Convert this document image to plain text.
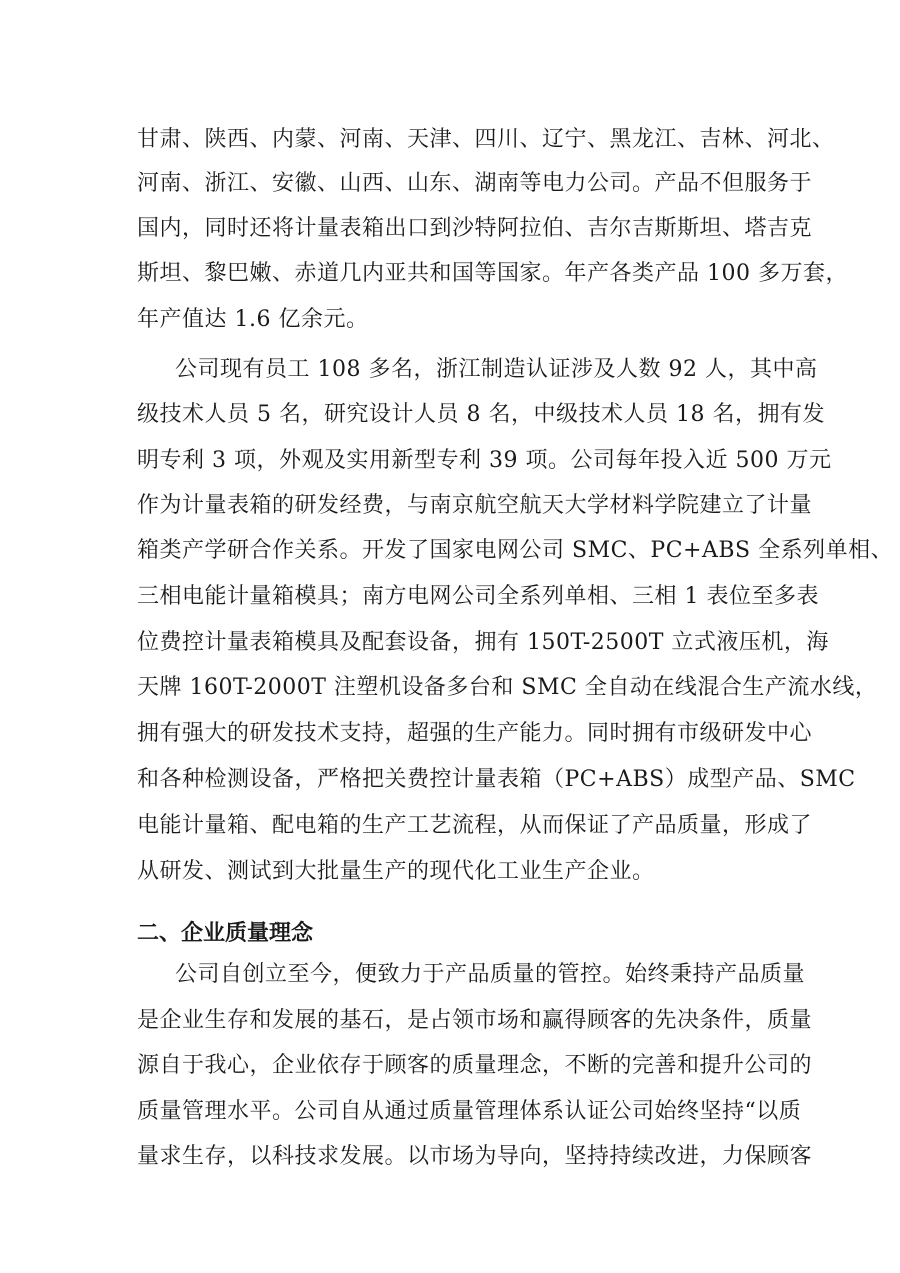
甘肃、陕西、内蒙、河南、天津、四川、辽宁、黑龙江、吉林、河北、
河南、浙江、安徽、山西、山东、湖南等电力公司。产品不但服务于
国内，同时还将计量表箱出口到沙特阿拉伯、吉尔吉斯斯坦、塔吉克
斯坦、黎巴嫩、赤道几内亚共和国等国家。年产各类产品 100 多万套，
年产值达 1.6 亿余元。
公司现有员工 108 多名，浙江制造认证涉及人数 92 人，其中高
级技术人员 5 名，研究设计人员 8 名，中级技术人员 18 名，拥有发
明专利 3 项，外观及实用新型专利 39 项。公司每年投入近 500 万元
作为计量表箱的研发经费，与南京航空航天大学材料学院建立了计量
箱类产学研合作关系。开发了国家电网公司 SMC、PC+ABS 全系列单相、
三相电能计量箱模具；南方电网公司全系列单相、三相 1 表位至多表
位费控计量表箱模具及配套设备，拥有 150T-2500T 立式液压机，海
天牌 160T-2000T 注塑机设备多台和 SMC 全自动在线混合生产流水线，
拥有强大的研发技术支持，超强的生产能力。同时拥有市级研发中心
和各种检测设备，严格把关费控计量表箱（PC+ABS）成型产品、SMC
电能计量箱、配电箱的生产工艺流程，从而保证了产品质量，形成了
从研发、测试到大批量生产的现代化工业生产企业。
二、企业质量理念
公司自创立至今，便致力于产品质量的管控。始终秉持产品质量
是企业生存和发展的基石，是占领市场和赢得顾客的先决条件，质量
源自于我心，企业依存于顾客的质量理念，不断的完善和提升公司的
质量管理水平。公司自从通过质量管理体系认证公司始终坚持“以质
量求生存，以科技求发展。以市场为导向，坚持持续改进，力保顾客
